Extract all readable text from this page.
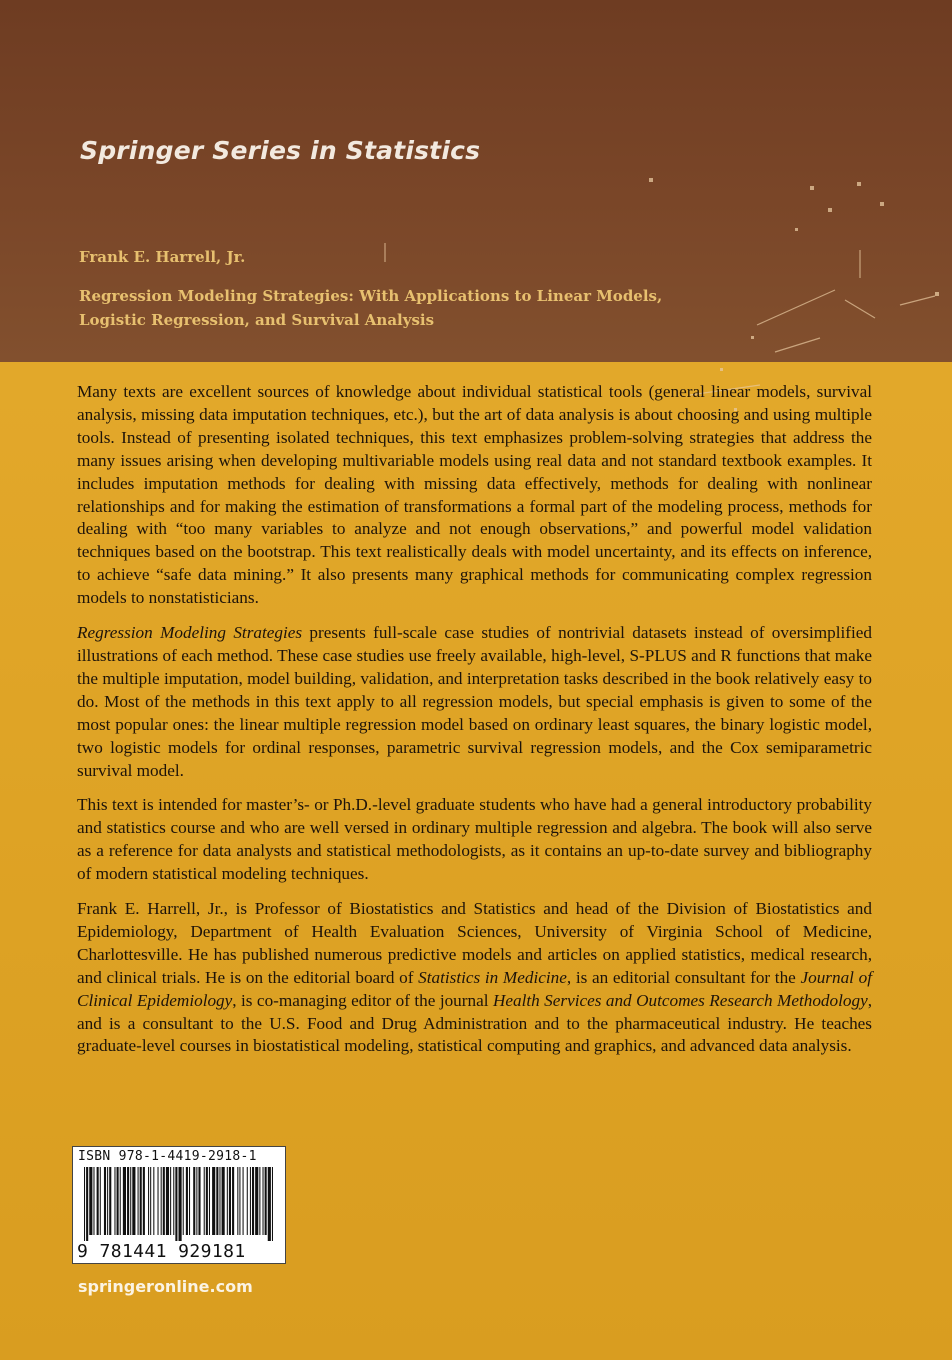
Springer Series in Statistics

Frank E. Harrell, Jr.

Regression Modeling Strategies: With Applications to Linear Models,
Logistic Regression, and Survival Analysis

Many texts are excellent sources of knowledge about individual statistical tools (general linear models, survival analysis, missing data imputation techniques, etc.), but the art of data analysis is about choosing and using multiple tools. Instead of presenting isolated techniques, this text emphasizes problem-solving strategies that address the many issues arising when developing multivariable models using real data and not standard textbook examples. It includes imputation methods for dealing with missing data effectively, methods for dealing with nonlinear relationships and for making the estimation of transformations a formal part of the modeling process, methods for dealing with “too many variables to analyze and not enough observations,” and powerful model validation techniques based on the bootstrap. This text realistically deals with model uncertainty, and its effects on inference, to achieve “safe data mining.” It also presents many graphical methods for communicating complex regression models to nonstatisticians.

Regression Modeling Strategies presents full-scale case studies of nontrivial datasets instead of oversimplified illustrations of each method. These case studies use freely available, high-level, S-PLUS and R functions that make the multiple imputation, model building, validation, and interpretation tasks described in the book relatively easy to do. Most of the methods in this text apply to all regression models, but special emphasis is given to some of the most popular ones: the linear multiple regression model based on ordinary least squares, the binary logistic model, two logistic models for ordinal responses, parametric survival regression models, and the Cox semiparametric survival model.

This text is intended for master’s- or Ph.D.-level graduate students who have had a general introductory probability and statistics course and who are well versed in ordinary multiple regression and algebra. The book will also serve as a reference for data analysts and statistical methodologists, as it contains an up-to-date survey and bibliography of modern statistical modeling techniques.

Frank E. Harrell, Jr., is Professor of Biostatistics and Statistics and head of the Division of Biostatistics and Epidemiology, Department of Health Evaluation Sciences, University of Virginia School of Medicine, Charlottesville. He has published numerous predictive models and articles on applied statistics, medical research, and clinical trials. He is on the editorial board of Statistics in Medicine, is an editorial consultant for the Journal of Clinical Epidemiology, is co-managing editor of the journal Health Services and Outcomes Research Methodology, and is a consultant to the U.S. Food and Drug Administration and to the pharmaceutical industry. He teaches graduate-level courses in biostatistical modeling, statistical computing and graphics, and advanced data analysis.

ISBN 978-1-4419-2918-1
9 781441 929181

springeronline.com
